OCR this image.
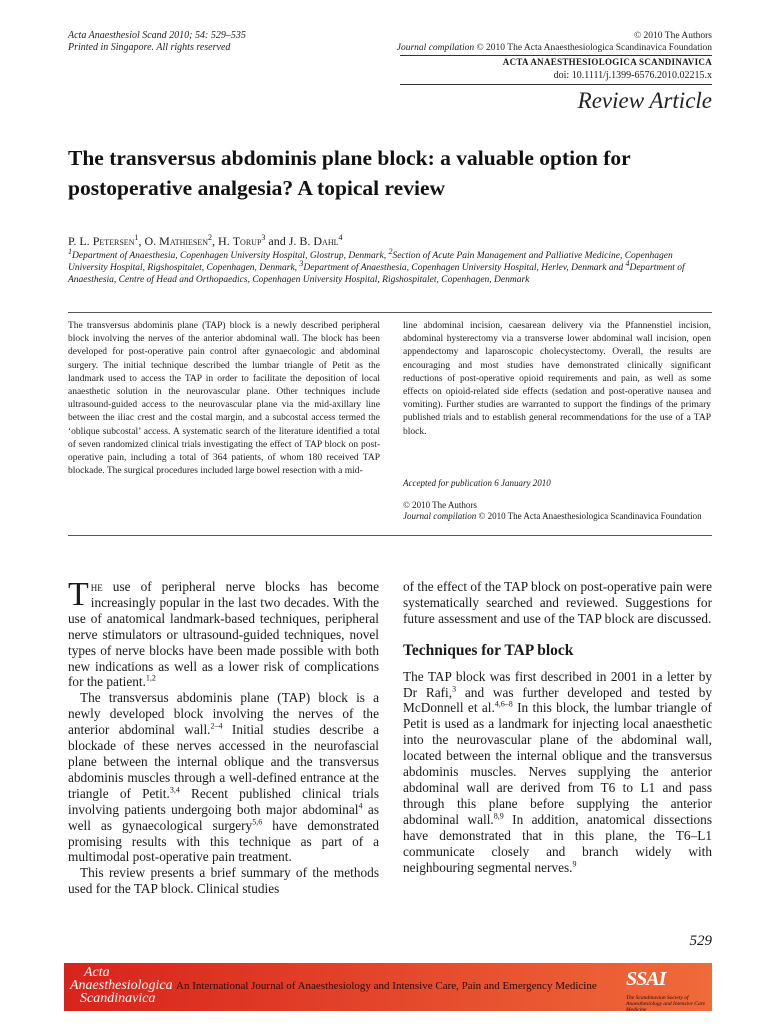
Acta Anaesthesiol Scand 2010; 54: 529–535
Printed in Singapore. All rights reserved
© 2010 The Authors
Journal compilation © 2010 The Acta Anaesthesiologica Scandinavica Foundation
ACTA ANAESTHESIOLOGICA SCANDINAVICA
doi: 10.1111/j.1399-6576.2010.02215.x
Review Article
The transversus abdominis plane block: a valuable option for postoperative analgesia? A topical review
P. L. Petersen$^1$, O. Mathiesen$^2$, H. Torup$^3$ and J. B. Dahl$^4$
$^1$Department of Anaesthesia, Copenhagen University Hospital, Glostrup, Denmark, $^2$Section of Acute Pain Management and Palliative Medicine, Copenhagen University Hospital, Rigshospitalet, Copenhagen, Denmark, $^3$Department of Anaesthesia, Copenhagen University Hospital, Herlev, Denmark and $^4$Department of Anaesthesia, Centre of Head and Orthopaedics, Copenhagen University Hospital, Rigshospitalet, Copenhagen, Denmark
The transversus abdominis plane (TAP) block is a newly described peripheral block involving the nerves of the anterior abdominal wall. The block has been developed for post-operative pain control after gynaecologic and abdominal surgery. The initial technique described the lumbar triangle of Petit as the landmark used to access the TAP in order to facilitate the deposition of local anaesthetic solution in the neurovascular plane. Other techniques include ultrasound-guided access to the neurovascular plane via the mid-axillary line between the iliac crest and the costal margin, and a subcostal access termed the ‘oblique subcostal’ access. A systematic search of the literature identified a total of seven randomized clinical trials investigating the effect of TAP block on post-operative pain, including a total of 364 patients, of whom 180 received TAP blockade. The surgical procedures included large bowel resection with a mid-
line abdominal incision, caesarean delivery via the Pfannenstiel incision, abdominal hysterectomy via a transverse lower abdominal wall incision, open appendectomy and laparoscopic cholecystectomy. Overall, the results are encouraging and most studies have demonstrated clinically significant reductions of post-operative opioid requirements and pain, as well as some effects on opioid-related side effects (sedation and post-operative nausea and vomiting). Further studies are warranted to support the findings of the primary published trials and to establish general recommendations for the use of a TAP block.
Accepted for publication 6 January 2010
© 2010 The Authors
Journal compilation © 2010 The Acta Anaesthesiologica Scandinavica Foundation

The use of peripheral nerve blocks has become increasingly popular in the last two decades. With the use of anatomical landmark-based techniques, peripheral nerve stimulators or ultrasound-guided techniques, novel types of nerve blocks have been made possible with both new indications as well as a lower risk of complications for the patient.$^{1,2}$

The transversus abdominis plane (TAP) block is a newly developed block involving the nerves of the anterior abdominal wall.$^{2-4}$ Initial studies describe a blockade of these nerves accessed in the neurofascial plane between the internal oblique and the transversus abdominis muscles through a well-defined entrance at the triangle of Petit.$^{3,4}$ Recent published clinical trials involving patients undergoing both major abdominal$^4$ as well as gynaecological surgery$^{5,6}$ have demonstrated promising results with this technique as part of a multimodal post-operative pain treatment.

This review presents a brief summary of the methods used for the TAP block. Clinical studies

of the effect of the TAP block on post-operative pain were systematically searched and reviewed. Suggestions for future assessment and use of the TAP block are discussed.

Techniques for TAP block

The TAP block was first described in 2001 in a letter by Dr Rafi,$^3$ and was further developed and tested by McDonnell et al.$^{4,6-8}$ In this block, the lumbar triangle of Petit is used as a landmark for injecting local anaesthetic into the neurovascular plane of the abdominal wall, located between the internal oblique and the transversus abdominis muscles. Nerves supplying the anterior abdominal wall are derived from T6 to L1 and pass through this plane before supplying the anterior abdominal wall.$^{8,9}$ In addition, anatomical dissections have demonstrated that in this plane, the T6–L1 communicate closely and branch widely with neighbouring segmental nerves.$^9$

529
Acta
Anaesthesiologica
Scandinavica
An International Journal of Anaesthesiology and Intensive Care, Pain and Emergency Medicine SSAI
The Scandinavian Society of Anaesthesiology and Intensive Care Medicine
